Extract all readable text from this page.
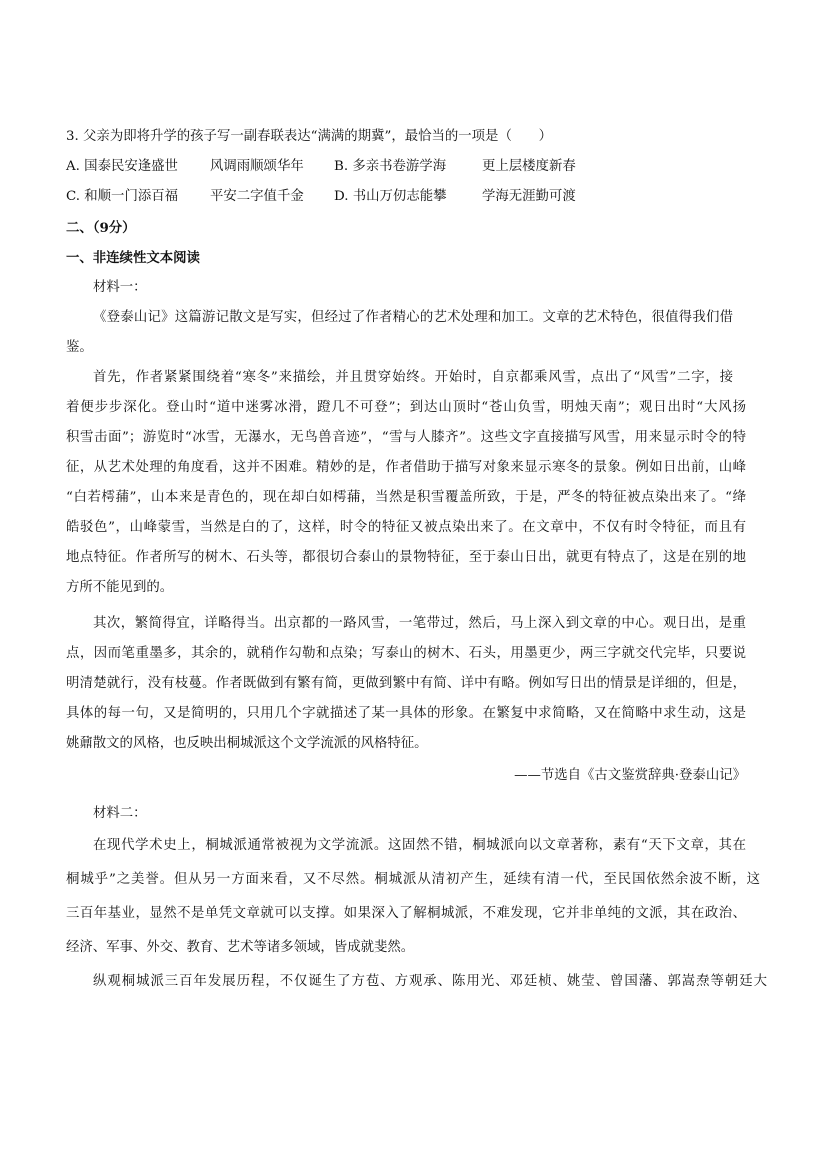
3. 父亲为即将升学的孩子写一副春联表达“满满的期冀”，最恰当的一项是（　　）
A. 国泰民安逢盛世 风调雨顺颂华年 B. 多亲书卷游学海	更上层楼度新春
C. 和顺一门添百福 平安二字值千金 D. 书山万仞志能攀	学海无涯勤可渡
二、（9分）
一、非连续性文本阅读
材料一：
《登泰山记》这篇游记散文是写实，但经过了作者精心的艺术处理和加工。文章的艺术特色，很值得我们借
鉴。
首先，作者紧紧围绕着“寒冬”来描绘，并且贯穿始终。开始时，自京都乘风雪，点出了“风雪”二字，接
着便步步深化。登山时“道中迷雾冰滑，蹬几不可登”；到达山顶时“苍山负雪，明烛天南”；观日出时“大风扬
积雪击面”；游览时“冰雪，无瀑水，无鸟兽音迹”，“雪与人膝齐”。这些文字直接描写风雪，用来显示时令的特
征，从艺术处理的角度看，这并不困难。精妙的是，作者借助于描写对象来显示寒冬的景象。例如日出前，山峰
“白若樗蒱”，山本来是青色的，现在却白如樗蒱，当然是积雪覆盖所致，于是，严冬的特征被点染出来了。“绛
皓驳色”，山峰蒙雪，当然是白的了，这样，时令的特征又被点染出来了。在文章中，不仅有时令特征，而且有
地点特征。作者所写的树木、石头等，都很切合泰山的景物特征，至于泰山日出，就更有特点了，这是在别的地
方所不能见到的。
其次，繁简得宜，详略得当。出京都的一路风雪，一笔带过，然后，马上深入到文章的中心。观日出，是重
点，因而笔重墨多，其余的，就稍作勾勒和点染；写泰山的树木、石头，用墨更少，两三字就交代完毕，只要说
明清楚就行，没有枝蔓。作者既做到有繁有简，更做到繁中有简、详中有略。例如写日出的情景是详细的，但是，
具体的每一句，又是简明的，只用几个字就描述了某一具体的形象。在繁复中求简略，又在简略中求生动，这是
姚鼐散文的风格，也反映出桐城派这个文学流派的风格特征。
——节选自《古文鉴赏辞典·登泰山记》
材料二：
在现代学术史上，桐城派通常被视为文学流派。这固然不错，桐城派向以文章著称，素有“天下文章，其在
桐城乎”之美誉。但从另一方面来看，又不尽然。桐城派从清初产生，延续有清一代，至民国依然余波不断，这
三百年基业，显然不是单凭文章就可以支撑。如果深入了解桐城派，不难发现，它并非单纯的文派，其在政治、
经济、军事、外交、教育、艺术等诸多领域，皆成就斐然。
纵观桐城派三百年发展历程，不仅诞生了方苞、方观承、陈用光、邓廷桢、姚莹、曾国藩、郭嵩焘等朝廷大
